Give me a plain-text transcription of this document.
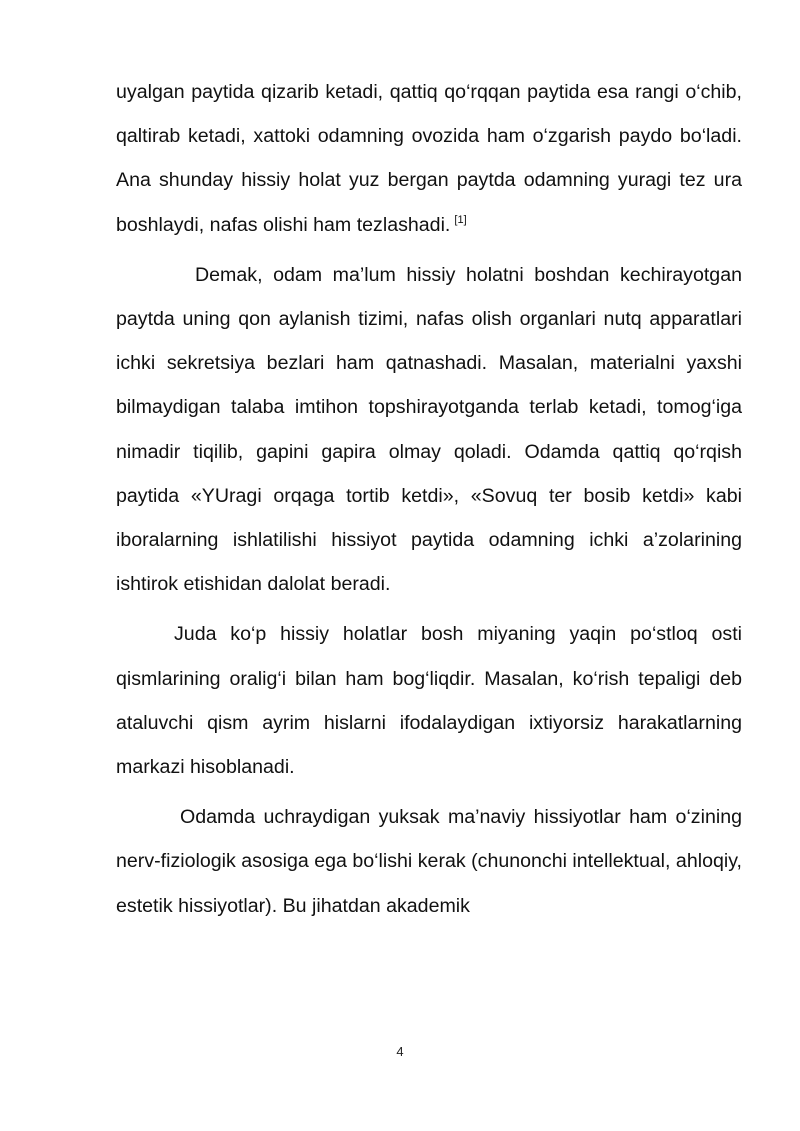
uyalgan paytida qizarib ketadi, qattiq qo‘rqqan paytida esa rangi o‘chib, qaltirab ketadi, xattoki odamning ovozida ham o‘zgarish paydo bo‘ladi. Ana shunday hissiy holat yuz bergan paytda odamning yuragi tez ura boshlaydi, nafas olishi ham tezlashadi. [1]

Demak, odam ma’lum hissiy holatni boshdan kechirayotgan paytda uning qon aylanish tizimi, nafas olish organlari nutq apparatlari ichki sekretsiya bezlari ham qatnashadi. Masalan, materialni yaxshi bilmaydigan talaba imtihon topshirayotganda terlab ketadi, tomog‘iga nimadir tiqilib, gapini gapira olmay qoladi. Odamda qattiq qo‘rqish paytida «YUragi orqaga tortib ketdi», «Sovuq ter bosib ketdi» kabi iboralarning ishlatilishi hissiyot paytida odamning ichki a’zolarining ishtirok etishidan dalolat beradi.

Juda ko‘p hissiy holatlar bosh miyaning yaqin po‘stloq osti qismlarining oralig‘i bilan ham bog‘liqdir. Masalan, ko‘rish tepaligi deb ataluvchi qism ayrim hislarni ifodalaydigan ixtiyorsiz harakatlarning markazi hisoblanadi.

Odamda uchraydigan yuksak ma’naviy hissiyotlar ham o‘zining nerv-fiziologik asosiga ega bo‘lishi kerak (chunonchi intellektual, ahloqiy, estetik hissiyotlar). Bu jihatdan akademik

4
